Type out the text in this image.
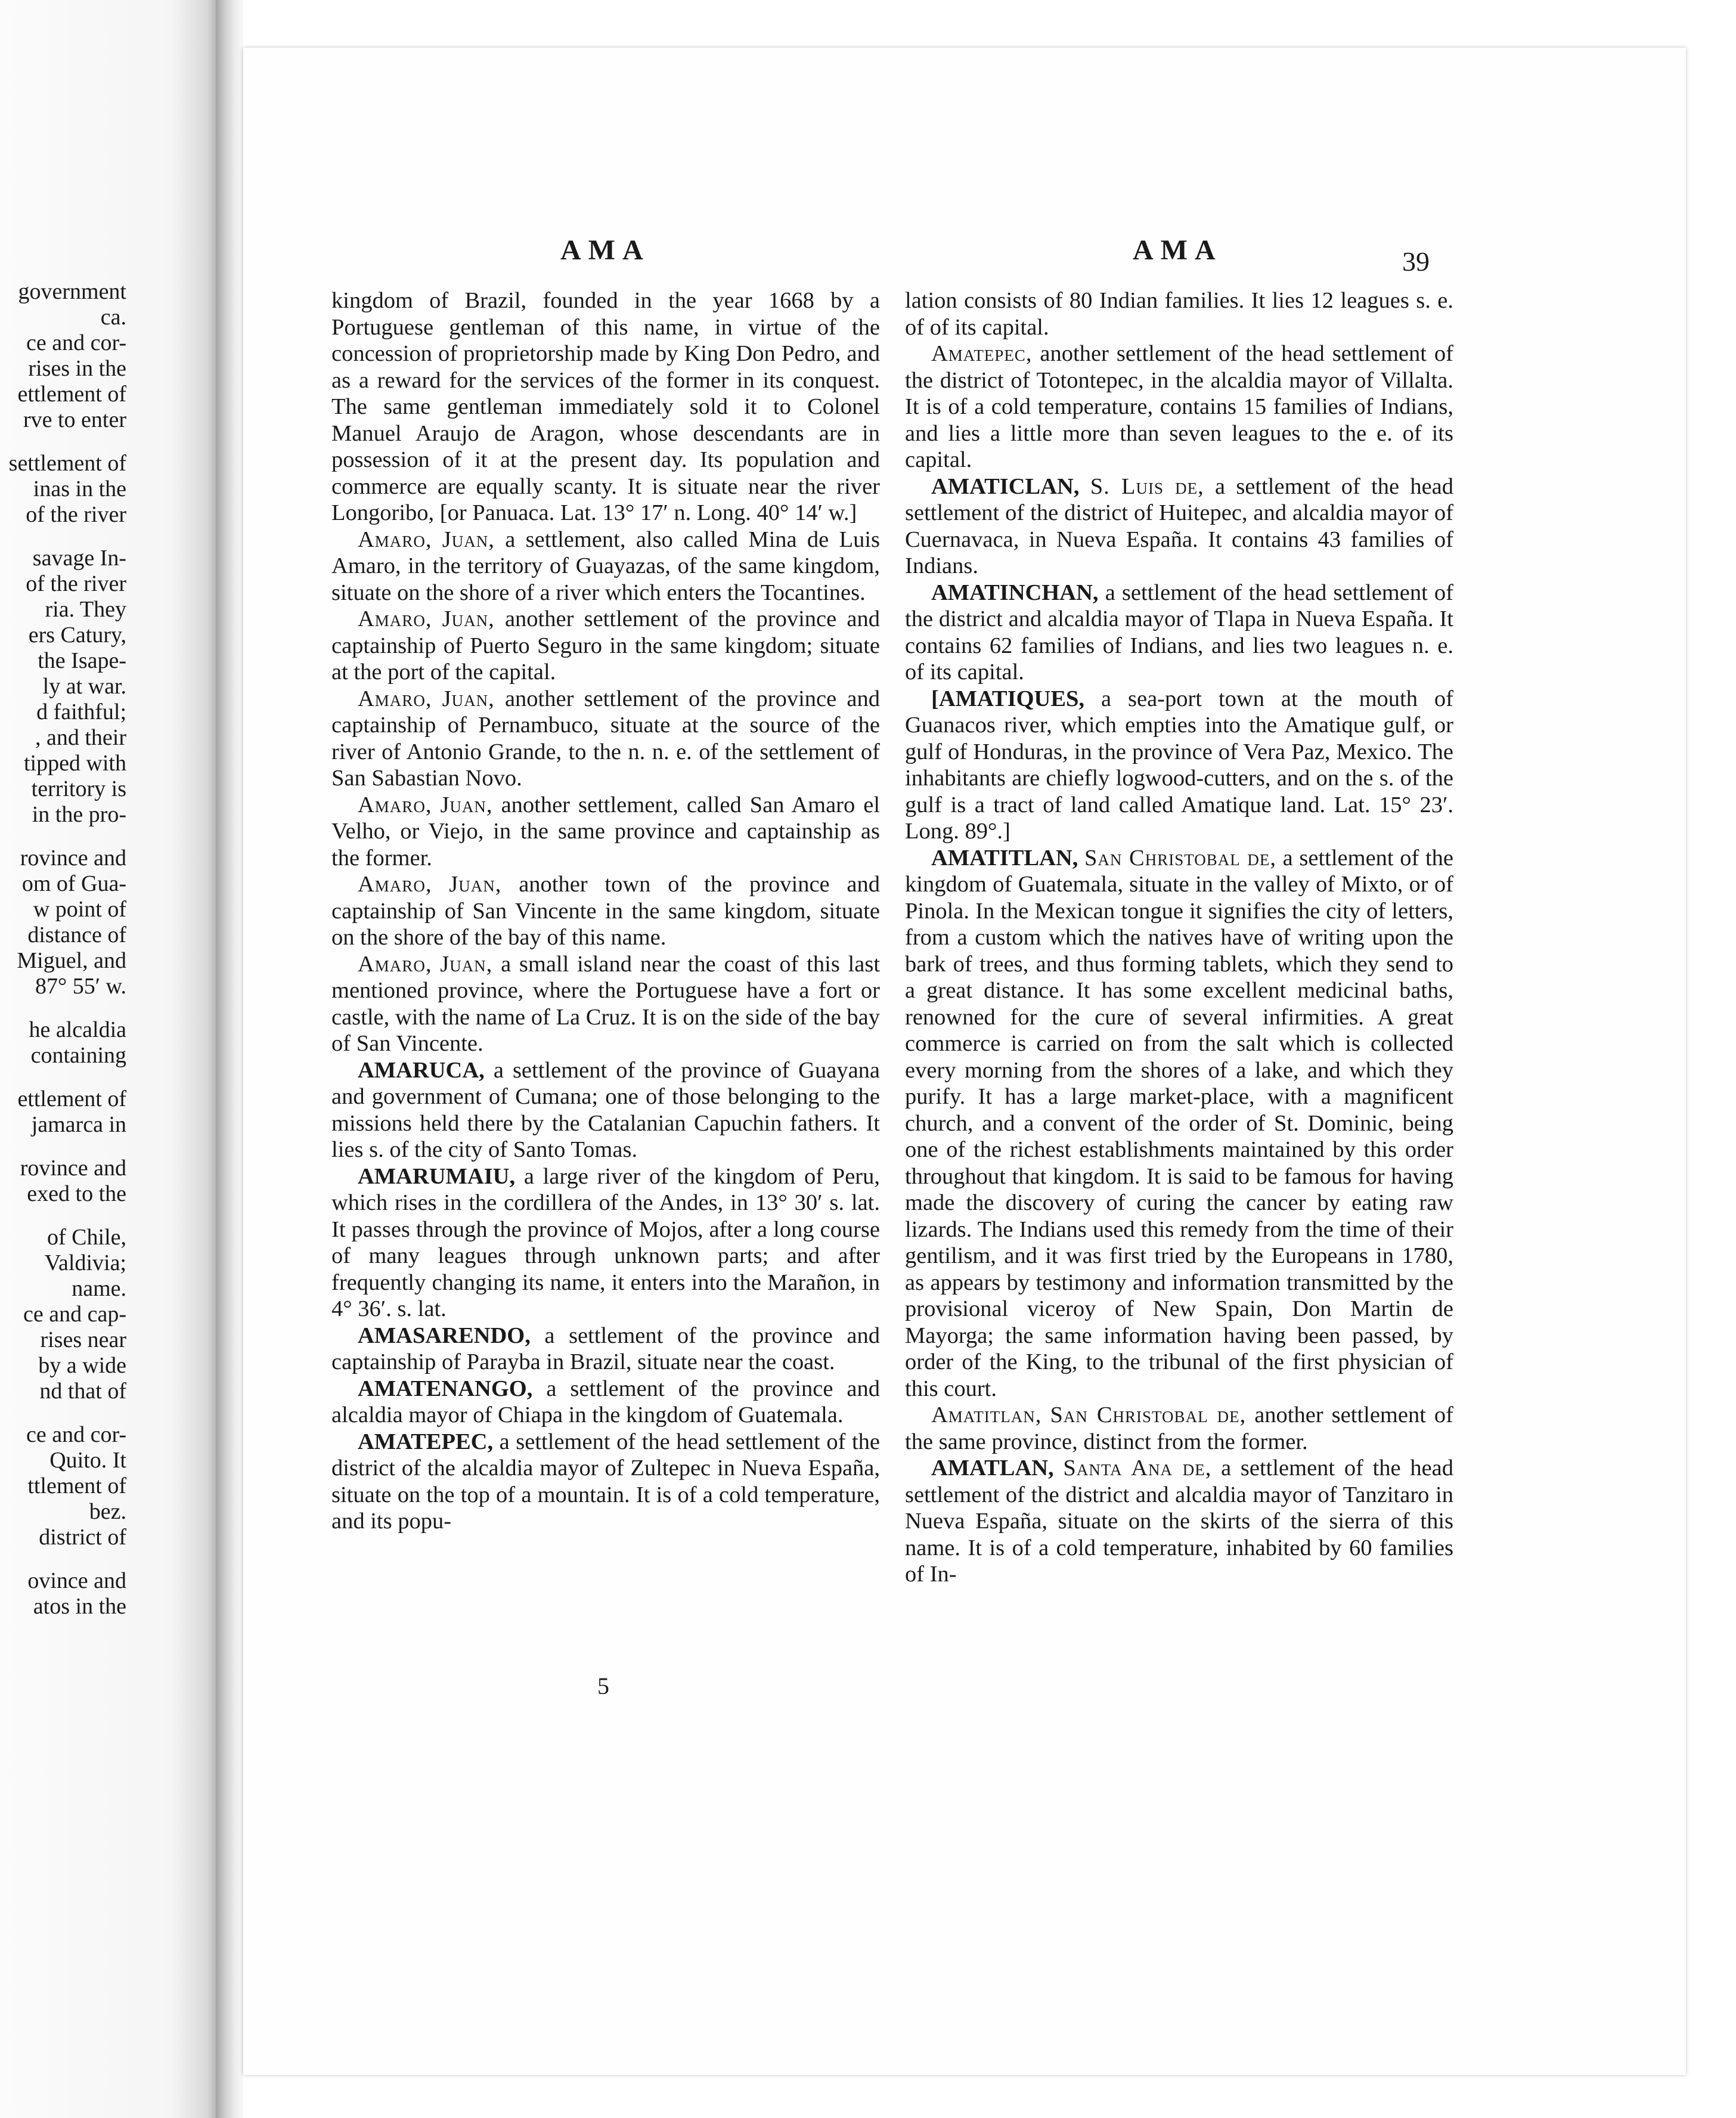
government
ca.
ce and cor-
rises in the
ettlement of
rve to enter
settlement of
inas in the
of the river
savage In-
of the river
ria. They
ers Catury,
the Isape-
ly at war.
d faithful;
, and their
tipped with
territory is
in the pro-
rovince and
om of Gua-
w point of
distance of
Miguel, and
87° 55′ w.
he alcaldia
containing
ettlement of
jamarca in
rovince and
exed to the
of Chile,
Valdivia;
name.
ce and cap-
rises near
by a wide
nd that of
ce and cor-
Quito. It
ttlement of
bez.
district of
ovince and
atos in the
AMA	AMA	39

kingdom of Brazil, founded in the year 1668 by a Portuguese gentleman of this name, in virtue of the concession of proprietorship made by King Don Pedro, and as a reward for the services of the former in its conquest. The same gentleman immediately sold it to Colonel Manuel Araujo de Aragon, whose descendants are in possession of it at the present day. Its population and commerce are equally scanty. It is situate near the river Longoribo, [or Panuaca. Lat. 13° 17′ n. Long. 40° 14′ w.]

Amaro, Juan, a settlement, also called Mina de Luis Amaro, in the territory of Guayazas, of the same kingdom, situate on the shore of a river which enters the Tocantines.

Amaro, Juan, another settlement of the province and captainship of Puerto Seguro in the same kingdom; situate at the port of the capital.

Amaro, Juan, another settlement of the province and captainship of Pernambuco, situate at the source of the river of Antonio Grande, to the n. n. e. of the settlement of San Sabastian Novo.

Amaro, Juan, another settlement, called San Amaro el Velho, or Viejo, in the same province and captainship as the former.

Amaro, Juan, another town of the province and captainship of San Vincente in the same kingdom, situate on the shore of the bay of this name.

Amaro, Juan, a small island near the coast of this last mentioned province, where the Portuguese have a fort or castle, with the name of La Cruz. It is on the side of the bay of San Vincente.

AMARUCA, a settlement of the province of Guayana and government of Cumana; one of those belonging to the missions held there by the Catalanian Capuchin fathers. It lies s. of the city of Santo Tomas.

AMARUMAIU, a large river of the kingdom of Peru, which rises in the cordillera of the Andes, in 13° 30′ s. lat. It passes through the province of Mojos, after a long course of many leagues through unknown parts; and after frequently changing its name, it enters into the Marañon, in 4° 36′. s. lat.

AMASARENDO, a settlement of the province and captainship of Parayba in Brazil, situate near the coast.

AMATENANGO, a settlement of the province and alcaldia mayor of Chiapa in the kingdom of Guatemala.

AMATEPEC, a settlement of the head settlement of the district of the alcaldia mayor of Zultepec in Nueva España, situate on the top of a mountain. It is of a cold temperature, and its popu-

lation consists of 80 Indian families. It lies 12 leagues s. e. of of its capital.

Amatepec, another settlement of the head settlement of the district of Totontepec, in the alcaldia mayor of Villalta. It is of a cold temperature, contains 15 families of Indians, and lies a little more than seven leagues to the e. of its capital.

AMATICLAN, S. Luis de, a settlement of the head settlement of the district of Huitepec, and alcaldia mayor of Cuernavaca, in Nueva España. It contains 43 families of Indians.

AMATINCHAN, a settlement of the head settlement of the district and alcaldia mayor of Tlapa in Nueva España. It contains 62 families of Indians, and lies two leagues n. e. of its capital.

[AMATIQUES, a sea-port town at the mouth of Guanacos river, which empties into the Amatique gulf, or gulf of Honduras, in the province of Vera Paz, Mexico. The inhabitants are chiefly logwood-cutters, and on the s. of the gulf is a tract of land called Amatique land. Lat. 15° 23′. Long. 89°.]

AMATITLAN, San Christobal de, a settlement of the kingdom of Guatemala, situate in the valley of Mixto, or of Pinola. In the Mexican tongue it signifies the city of letters, from a custom which the natives have of writing upon the bark of trees, and thus forming tablets, which they send to a great distance. It has some excellent medicinal baths, renowned for the cure of several infirmities. A great commerce is carried on from the salt which is collected every morning from the shores of a lake, and which they purify. It has a large market-place, with a magnificent church, and a convent of the order of St. Dominic, being one of the richest establishments maintained by this order throughout that kingdom. It is said to be famous for having made the discovery of curing the cancer by eating raw lizards. The Indians used this remedy from the time of their gentilism, and it was first tried by the Europeans in 1780, as appears by testimony and information transmitted by the provisional viceroy of New Spain, Don Martin de Mayorga; the same information having been passed, by order of the King, to the tribunal of the first physician of this court.

Amatitlan, San Christobal de, another settlement of the same province, distinct from the former.

AMATLAN, Santa Ana de, a settlement of the head settlement of the district and alcaldia mayor of Tanzitaro in Nueva España, situate on the skirts of the sierra of this name. It is of a cold temperature, inhabited by 60 families of In-

5
